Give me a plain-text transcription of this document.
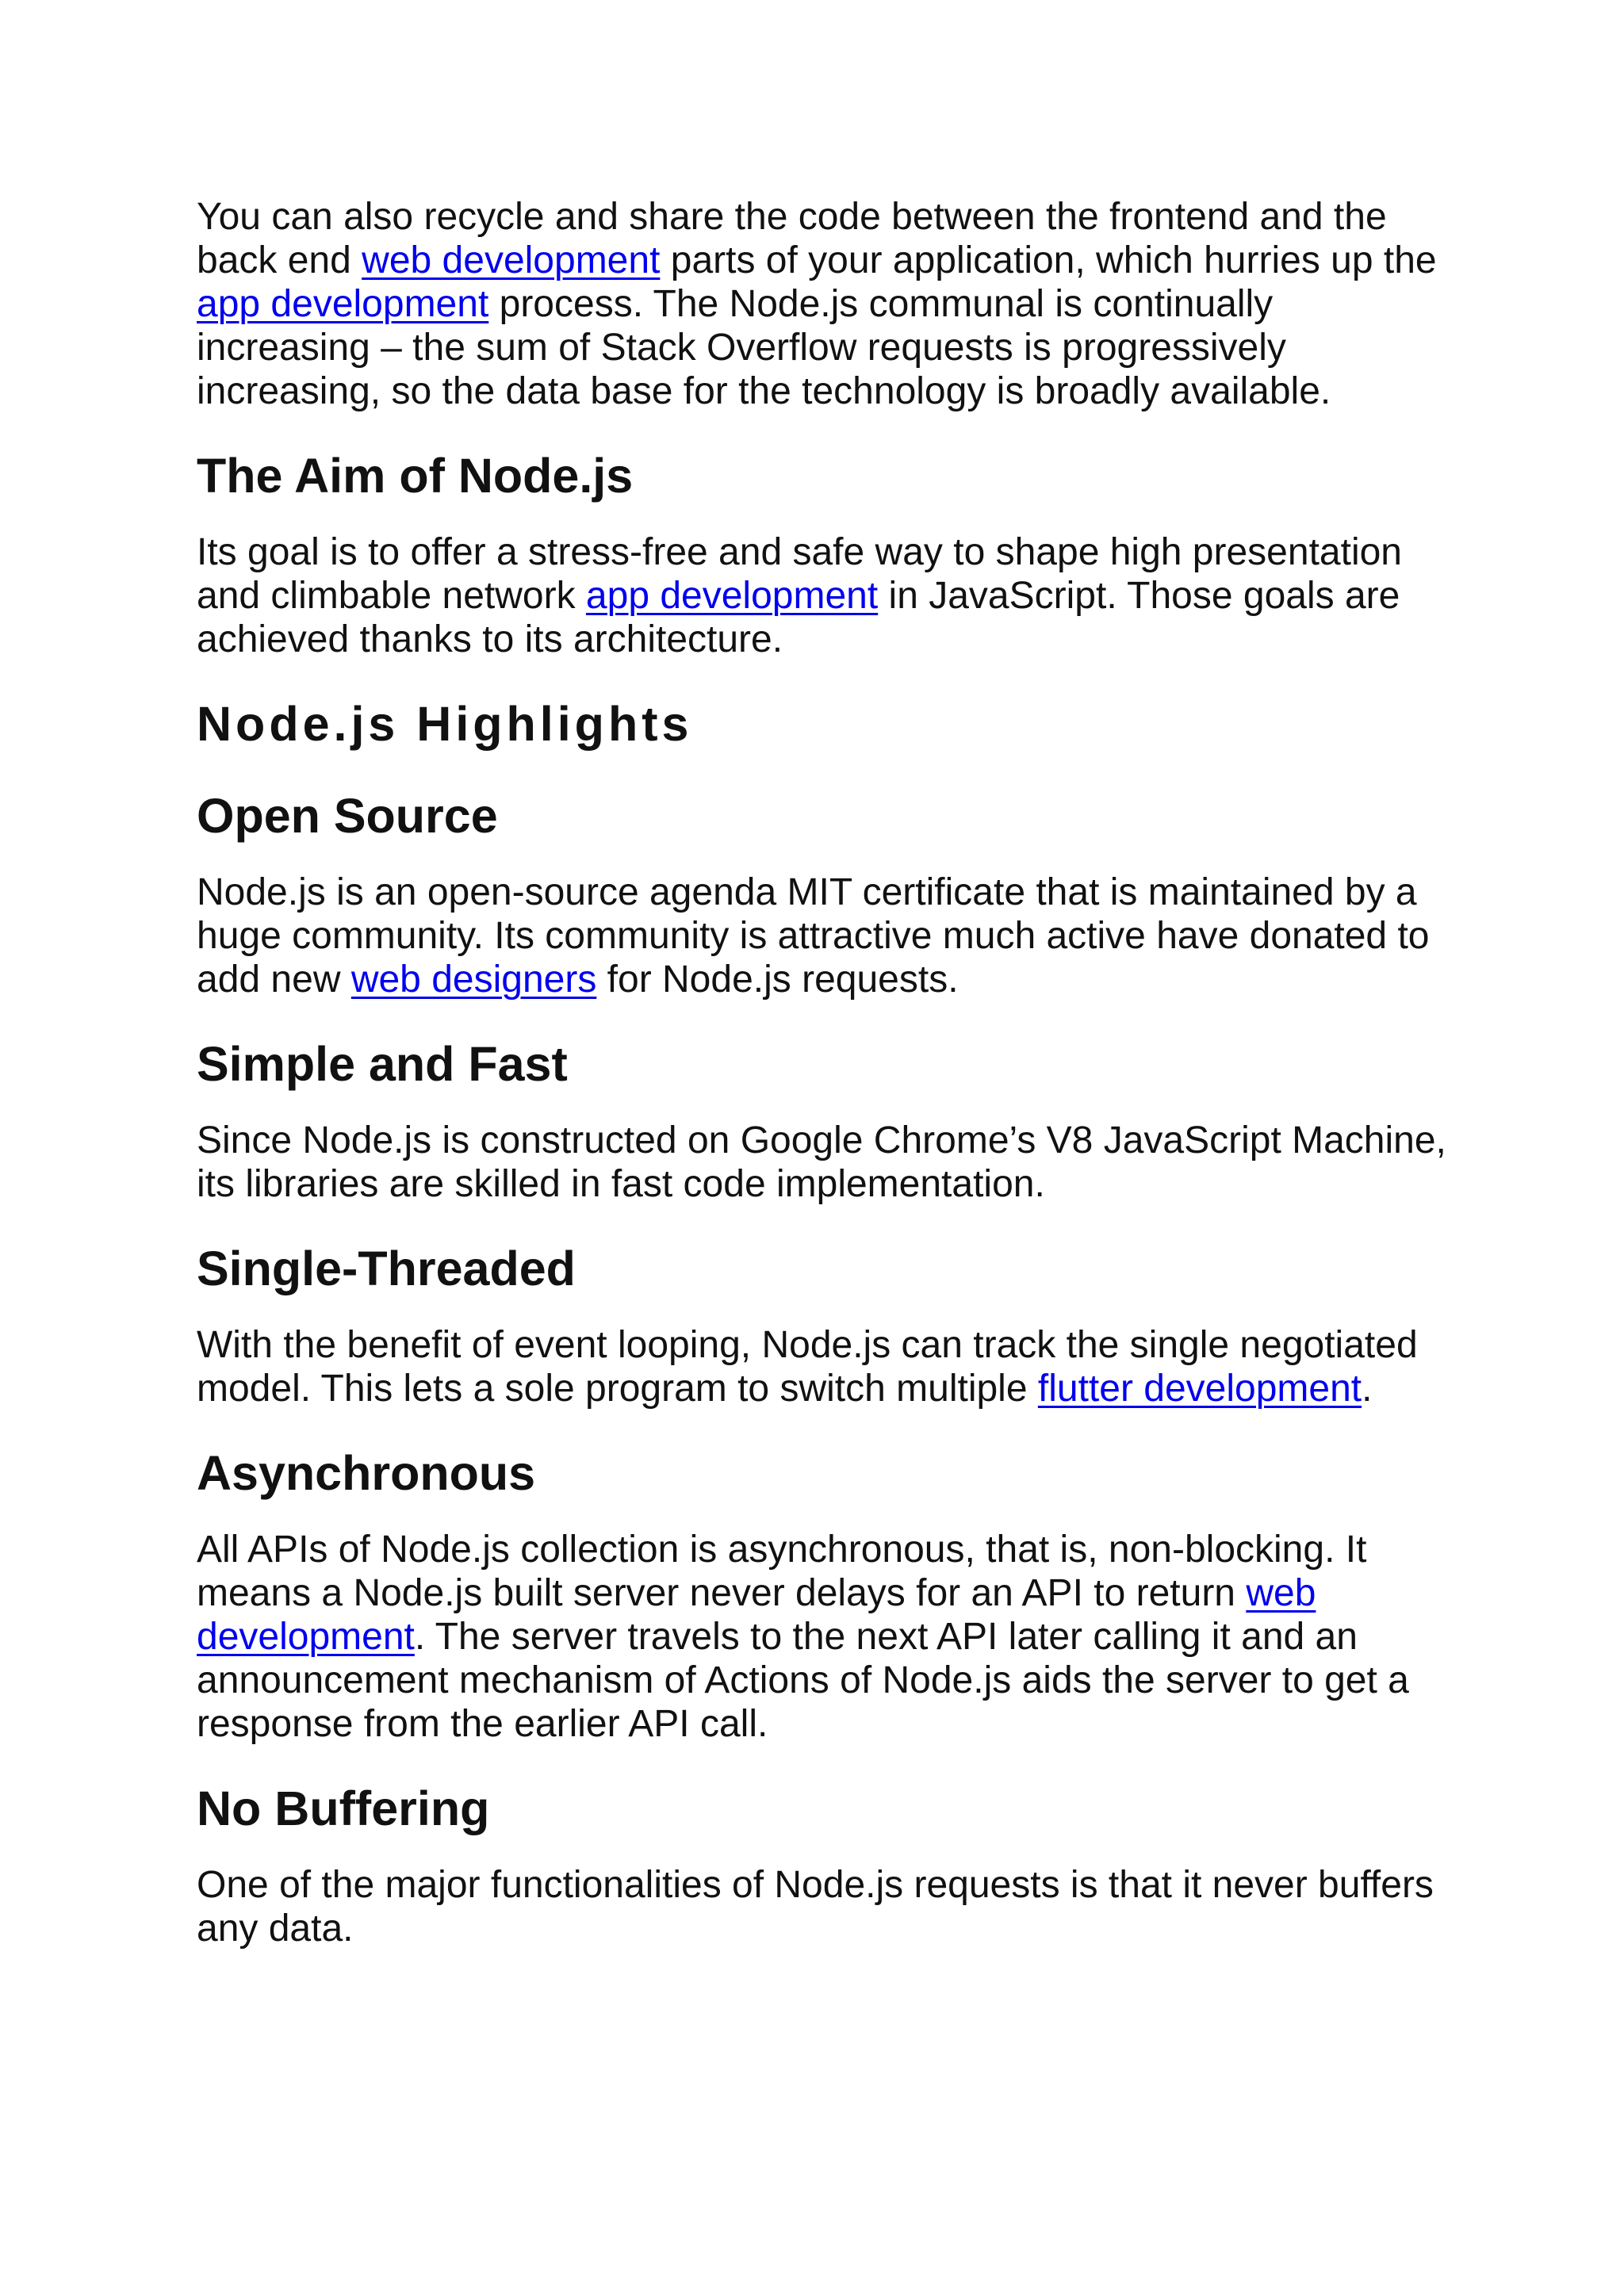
You can also recycle and share the code between the frontend and the back end web development parts of your application, which hurries up the app development process. The Node.js communal is continually increasing – the sum of Stack Overflow requests is progressively increasing, so the data base for the technology is broadly available.

The Aim of Node.js

Its goal is to offer a stress-free and safe way to shape high presentation and climbable network app development in JavaScript. Those goals are achieved thanks to its architecture.

Node.js Highlights
Open Source

Node.js is an open-source agenda MIT certificate that is maintained by a huge community. Its community is attractive much active have donated to add new web designers for Node.js requests.

Simple and Fast

Since Node.js is constructed on Google Chrome’s V8 JavaScript Machine, its libraries are skilled in fast code implementation.

Single-Threaded

With the benefit of event looping, Node.js can track the single negotiated model. This lets a sole program to switch multiple flutter development.

Asynchronous

All APIs of Node.js collection is asynchronous, that is, non-blocking. It means a Node.js built server never delays for an API to return web development. The server travels to the next API later calling it and an announcement mechanism of Actions of Node.js aids the server to get a response from the earlier API call.

No Buffering

One of the major functionalities of Node.js requests is that it never buffers any data.
